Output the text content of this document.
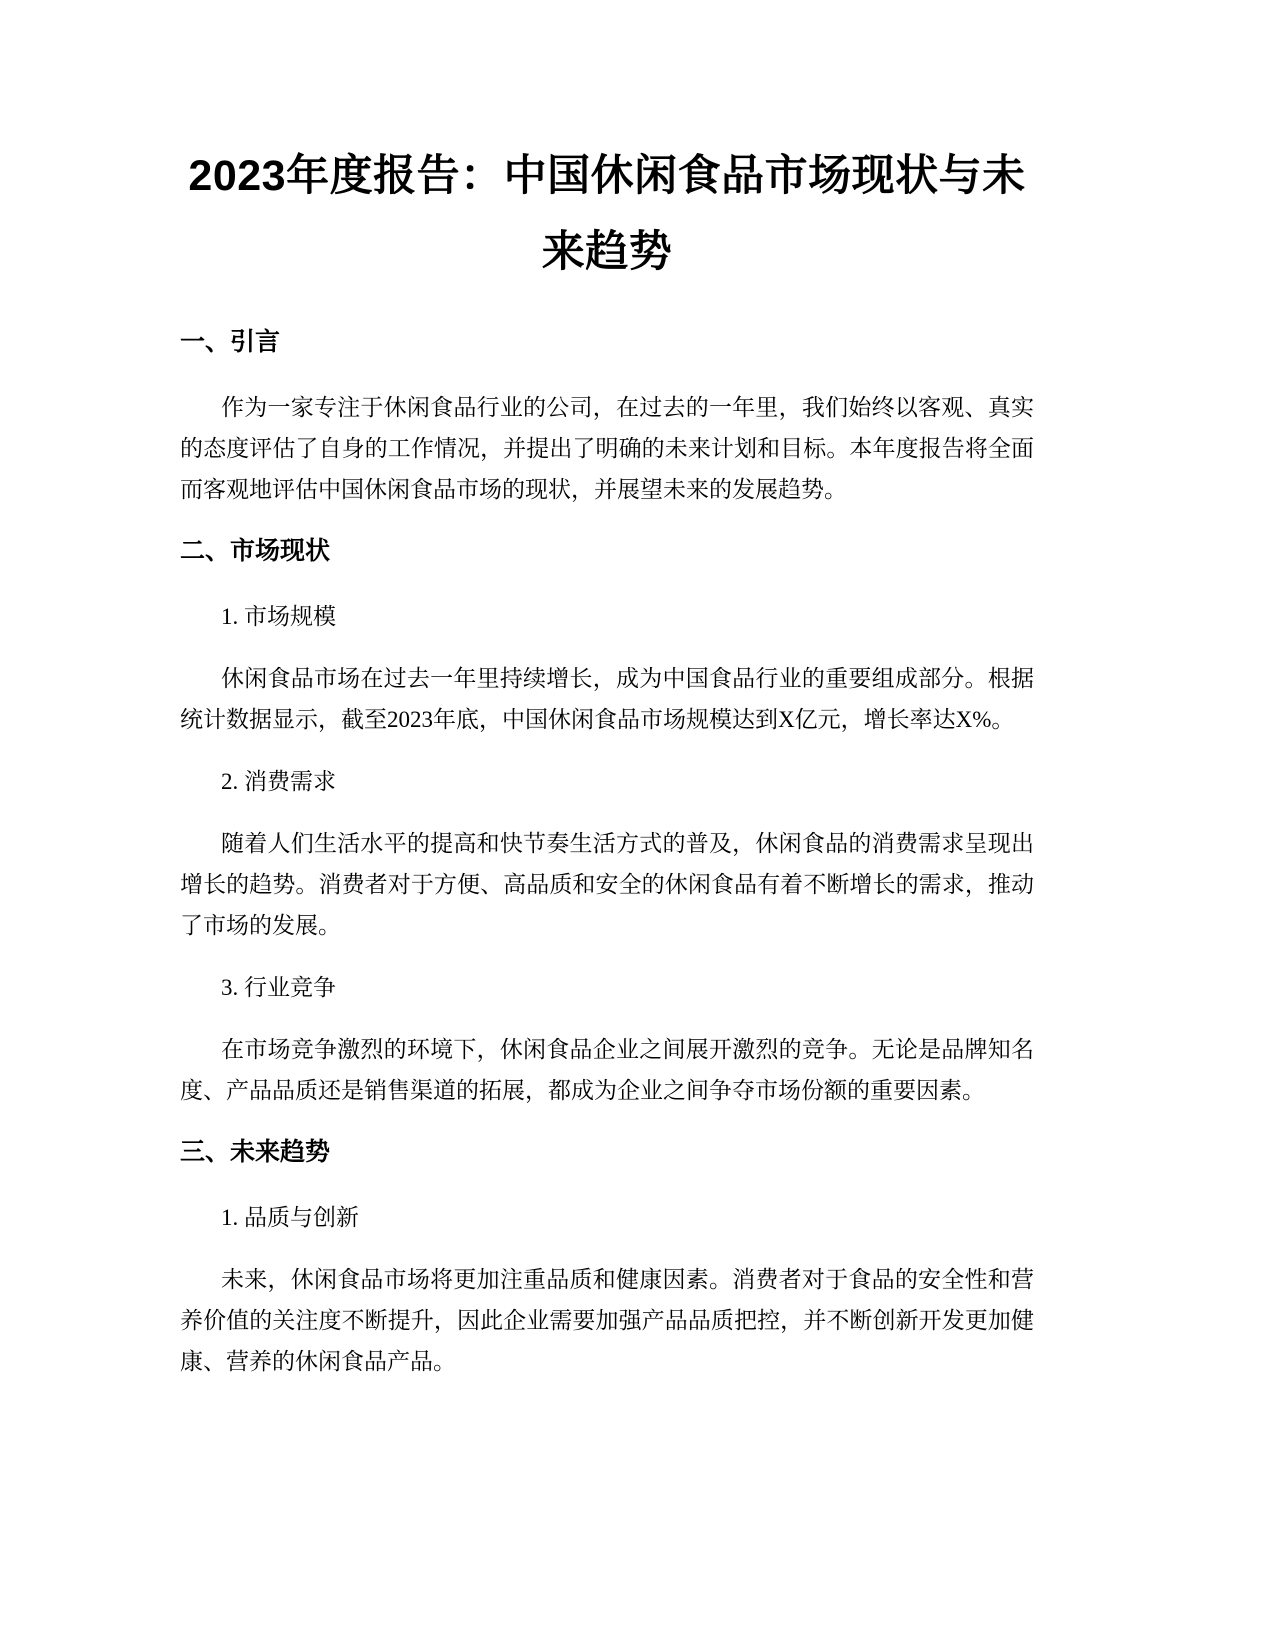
2023年度报告：中国休闲食品市场现状与未来趋势
一、引言

作为一家专注于休闲食品行业的公司，在过去的一年里，我们始终以客观、真实的态度评估了自身的工作情况，并提出了明确的未来计划和目标。本年度报告将全面而客观地评估中国休闲食品市场的现状，并展望未来的发展趋势。

二、市场现状

1. 市场规模

休闲食品市场在过去一年里持续增长，成为中国食品行业的重要组成部分。根据统计数据显示，截至2023年底，中国休闲食品市场规模达到X亿元，增长率达X%。

2. 消费需求

随着人们生活水平的提高和快节奏生活方式的普及，休闲食品的消费需求呈现出增长的趋势。消费者对于方便、高品质和安全的休闲食品有着不断增长的需求，推动了市场的发展。

3. 行业竞争

在市场竞争激烈的环境下，休闲食品企业之间展开激烈的竞争。无论是品牌知名度、产品品质还是销售渠道的拓展，都成为企业之间争夺市场份额的重要因素。

三、未来趋势

1. 品质与创新

未来，休闲食品市场将更加注重品质和健康因素。消费者对于食品的安全性和营养价值的关注度不断提升，因此企业需要加强产品品质把控，并不断创新开发更加健康、营养的休闲食品产品。
